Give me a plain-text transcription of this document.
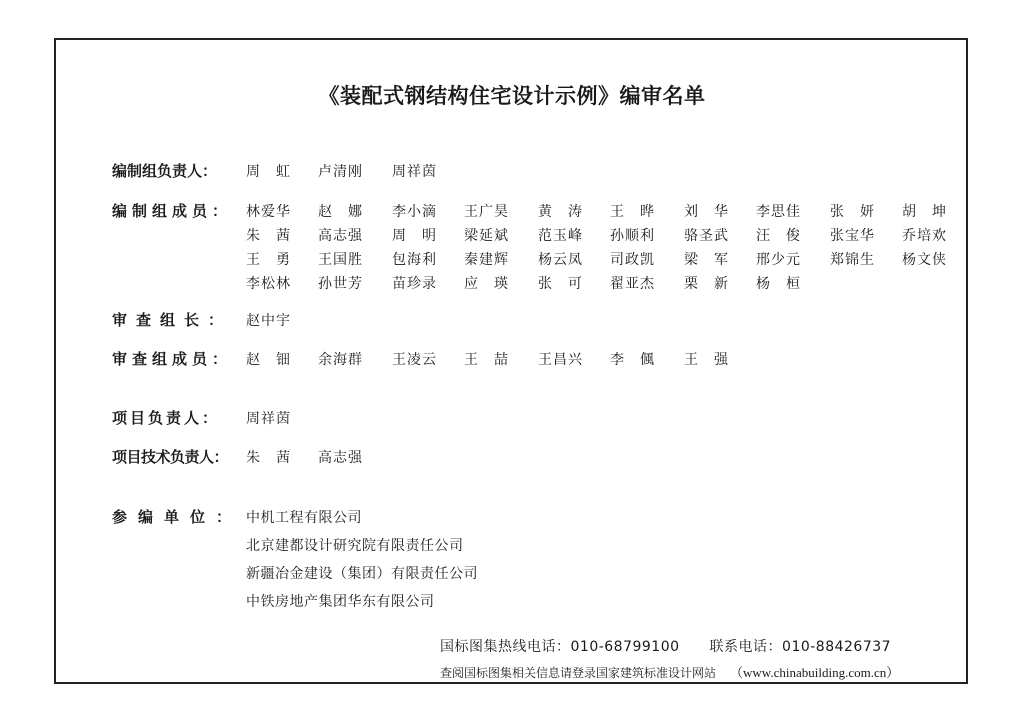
《装配式钢结构住宅设计示例》编审名单
编制组负责人：	周　虹 卢清刚 周祥茵
编制组成员： 林爱华 赵　娜 李小滴 王广昊 黄　涛 王　晔 刘　华 李思佳 张　妍 胡　坤
朱　茜 高志强 周　明 梁延斌 范玉峰 孙顺利 骆圣武 汪　俊 张宝华 乔培欢
王　勇 王国胜 包海利 秦建辉 杨云凤 司政凯 梁　军 邢少元 郑锦生 杨文侠
李松林 孙世芳 苗珍录 应　瑛 张　可 翟亚杰 栗　新 杨　桓
审查组长： 赵中宇
审查组成员： 赵　钿 余海群 王凌云 王　喆 王昌兴 李　偑 王　强
项目负责人：	周祥茵
项目技术负责人：	朱　茜 高志强
参编单位： 中机工程有限公司
北京建都设计研究院有限责任公司
新疆冶金建设（集团）有限责任公司
中铁房地产集团华东有限公司
国标图集热线电话：010-68799100 联系电话：010-88426737
查阅国标图集相关信息请登录国家建筑标准设计网站 （www.chinabuilding.com.cn）
